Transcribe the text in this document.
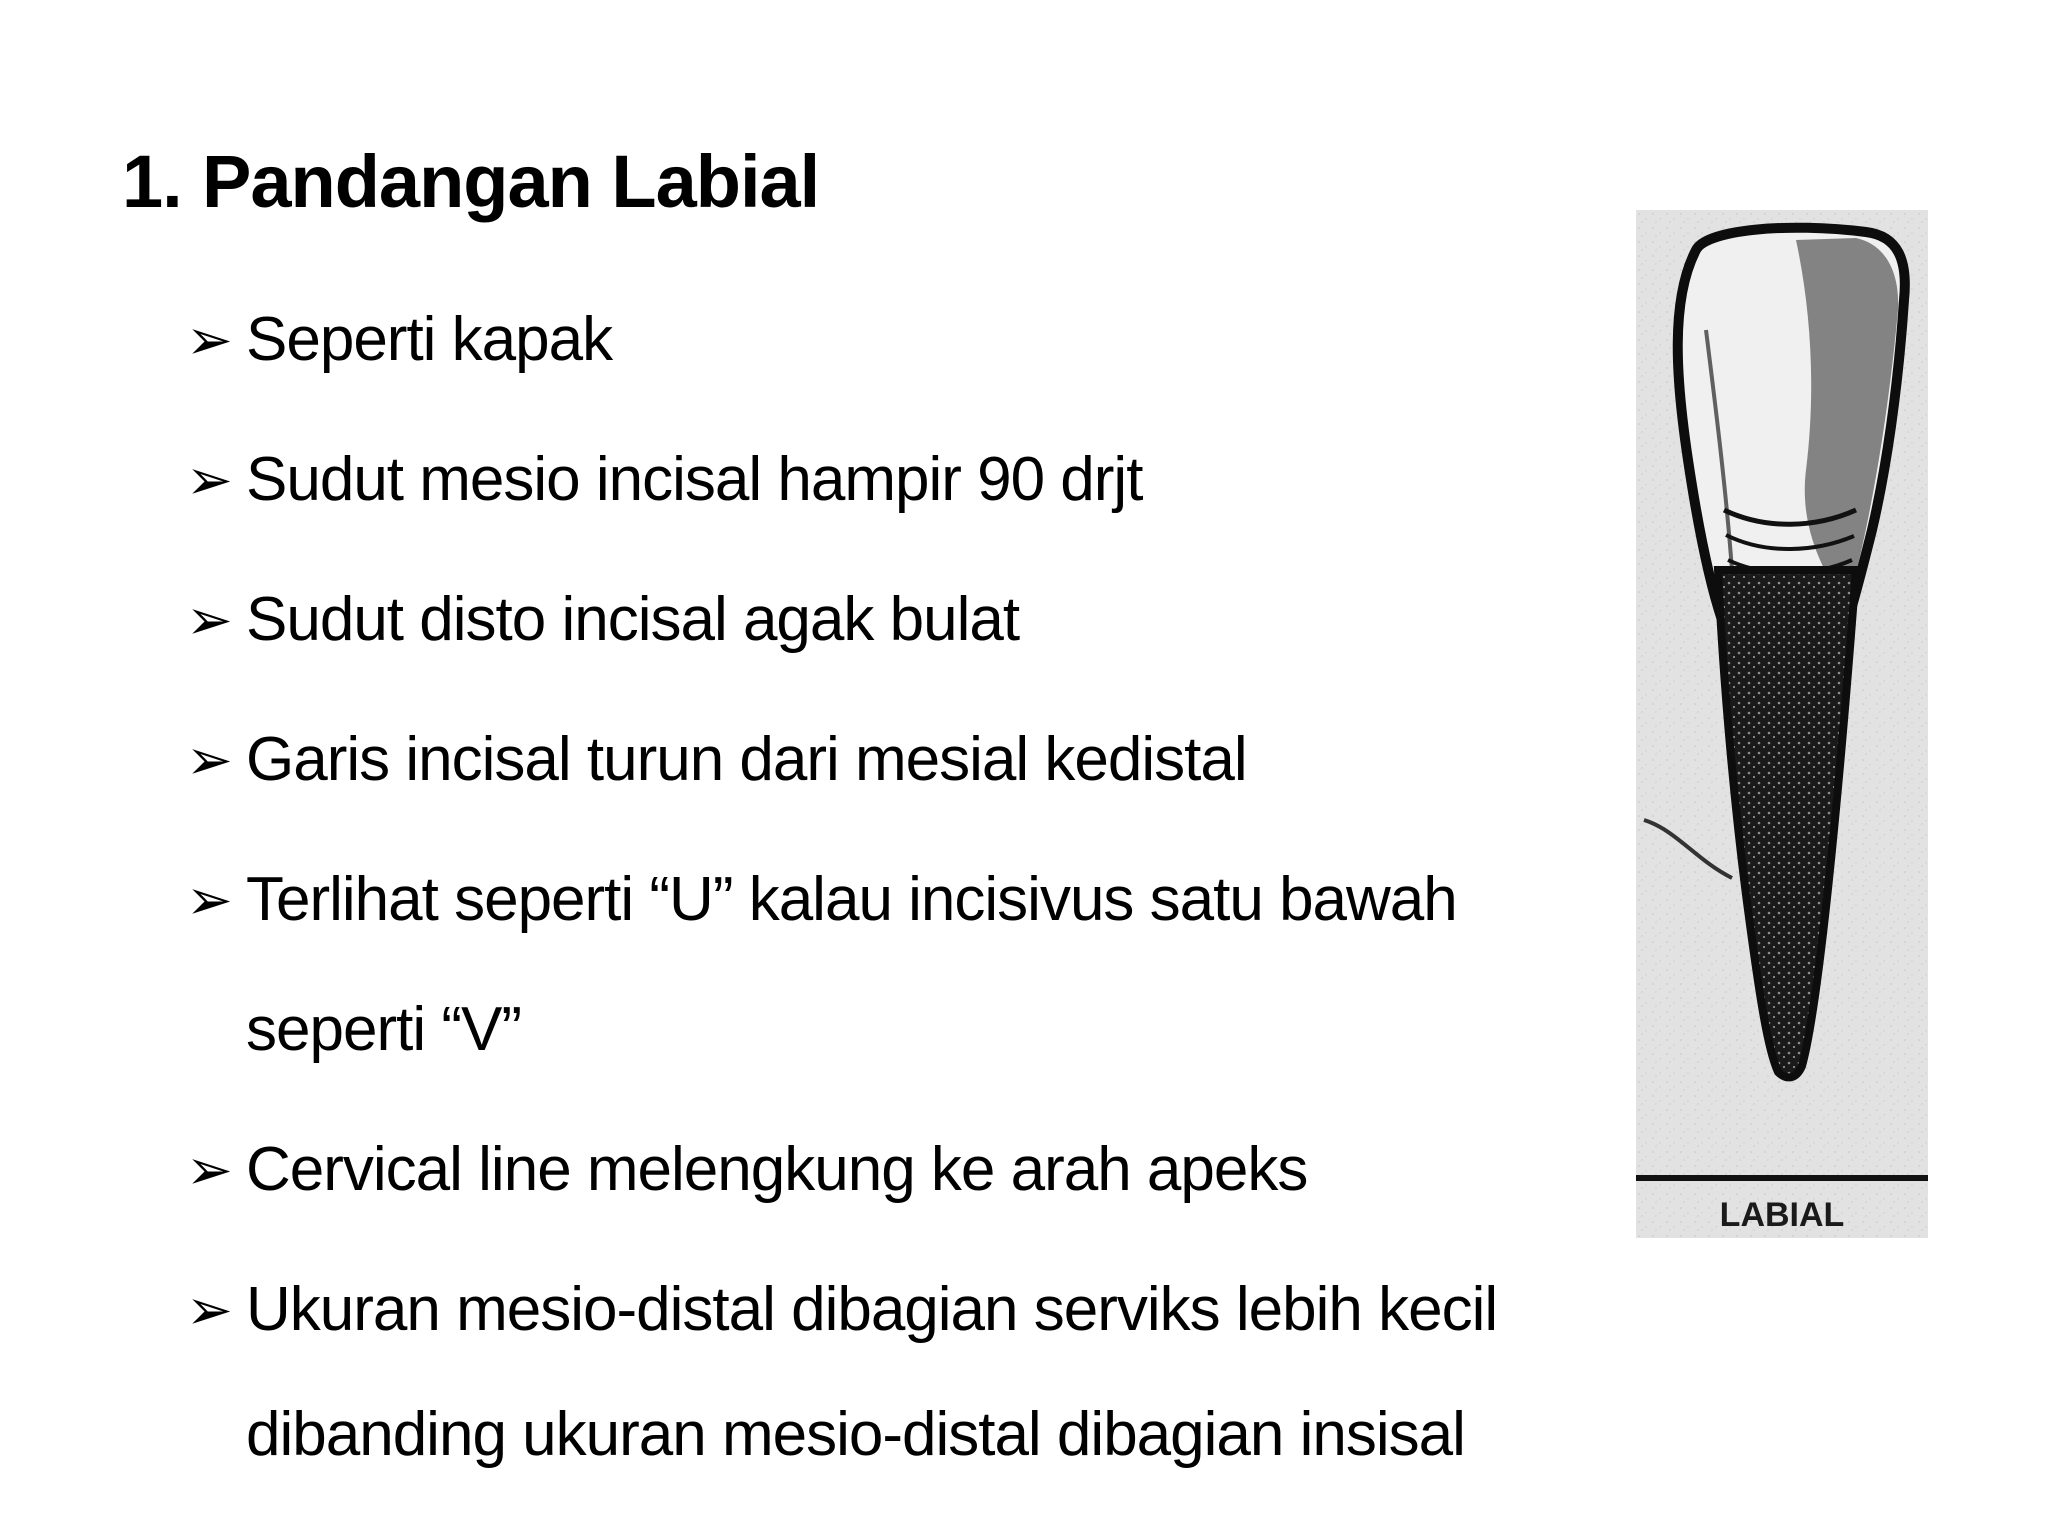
1. Pandangan Labial
➢ Seperti kapak
➢ Sudut mesio incisal hampir 90 drjt
➢ Sudut disto incisal agak bulat
➢ Garis incisal turun dari mesial kedistal
➢ Terlihat seperti “U” kalau incisivus satu bawah
seperti “V”
➢ Cervical line melengkung ke arah apeks
➢ Ukuran mesio-distal dibagian serviks lebih kecil
dibanding ukuran mesio-distal dibagian insisal
LABIAL
